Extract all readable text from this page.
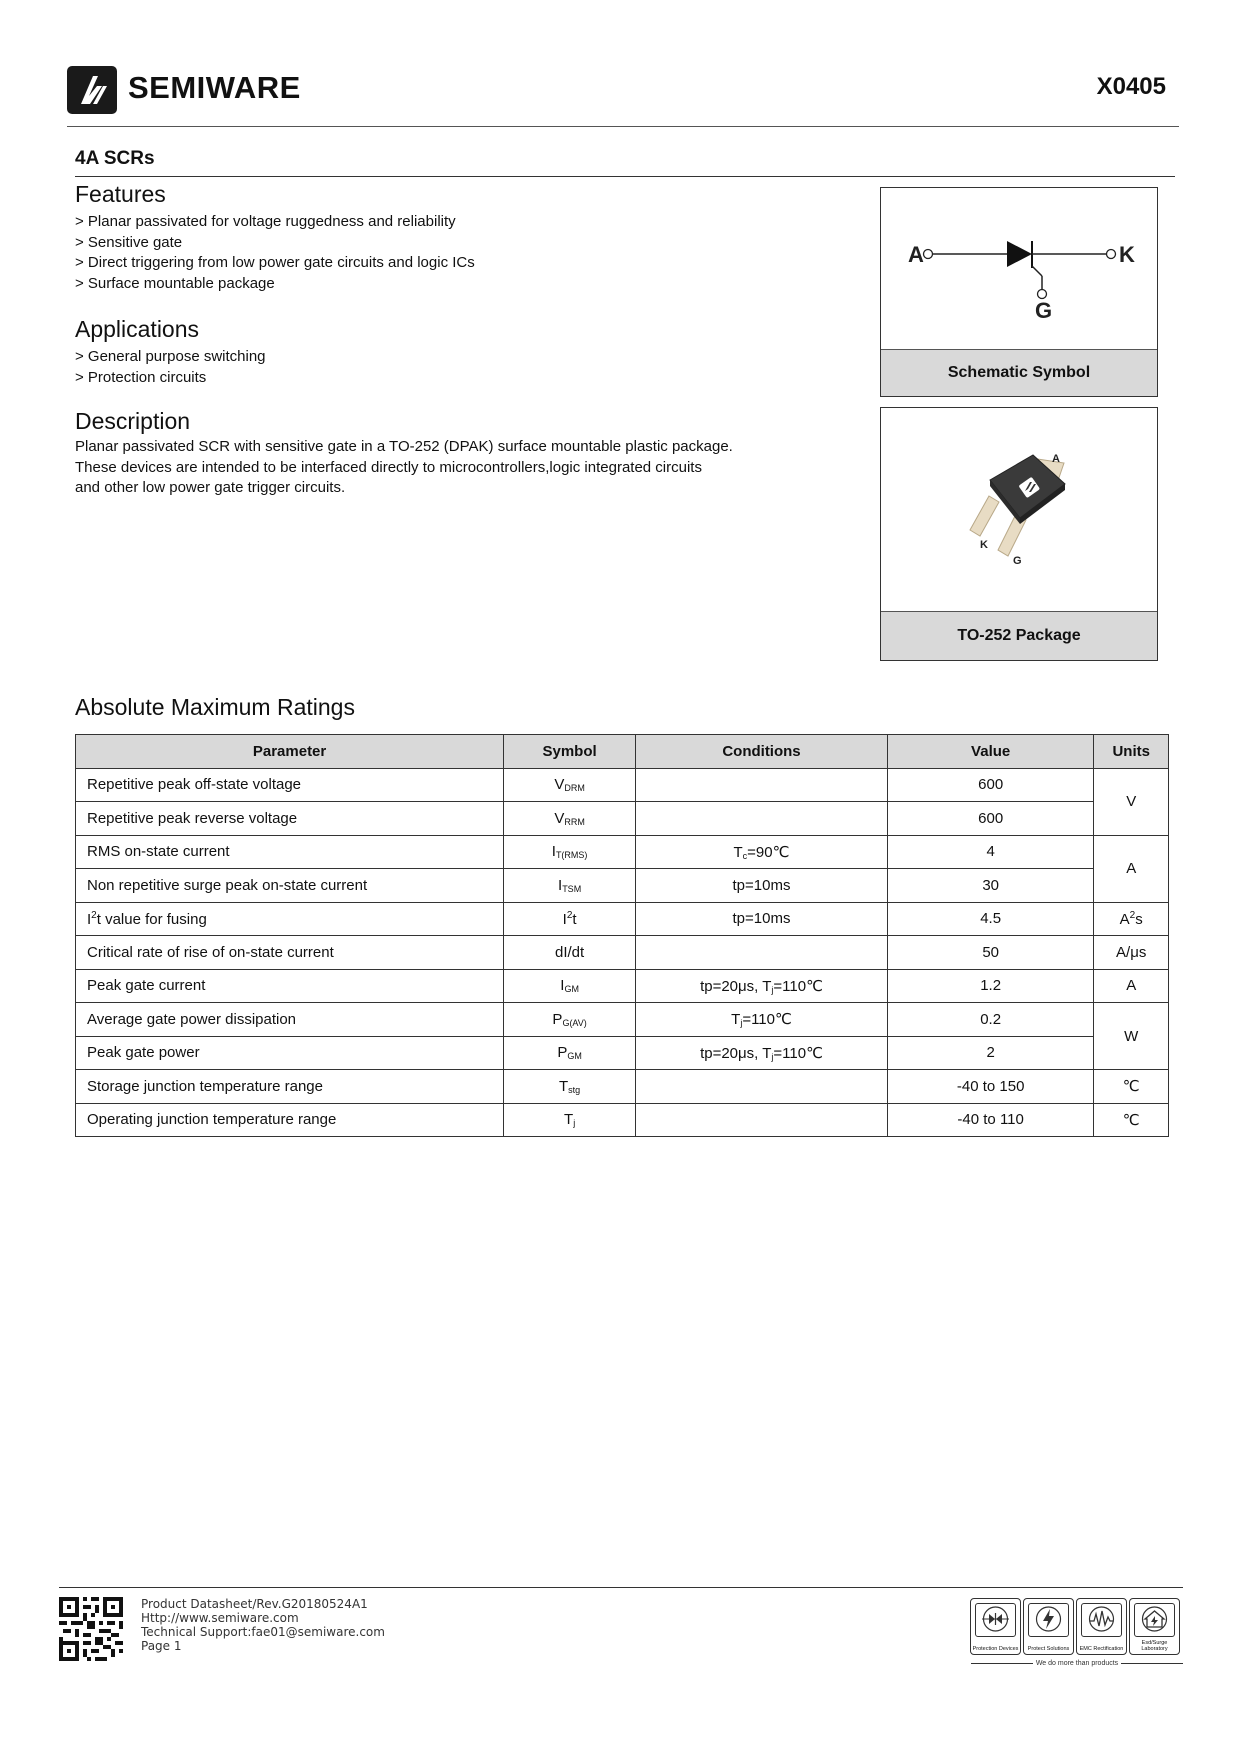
SEMIWARE	X0405
4A SCRs
Features
> Planar passivated for voltage ruggedness and reliability
> Sensitive gate
> Direct triggering from low power gate circuits and logic ICs
> Surface mountable package
Applications
> General purpose switching
> Protection circuits
Description
Planar passivated SCR with sensitive gate in a TO-252 (DPAK) surface mountable plastic package.
These devices are intended to be interfaced directly to microcontrollers,logic integrated circuits
and other low power gate trigger circuits.
A	K
G
Schematic Symbol
A
K
G
TO-252 Package
Absolute Maximum Ratings
Parameter	Symbol	Conditions	Value	Units
Repetitive peak off-state voltage	$V_{DRM}$		600	V
Repetitive peak reverse voltage	$V_{RRM}$		600	
RMS on-state current	$I_{T(RMS)}$	$T_c=90℃$	4	A
Non repetitive surge peak on-state current	$I_{TSM}$	tp=10ms	30	
$I^2t$ value for fusing	$I^2t$	tp=10ms	4.5	$A^2s$
Critical rate of rise of on-state current	dI/dt		50	A/μs
Peak gate current	$I_{GM}$	tp=20μs, $T_j=110℃$	1.2	A
Average gate power dissipation	$P_{G(AV)}$	$T_j=110℃$	0.2	W
Peak gate power	$P_{GM}$	tp=20μs, $T_j=110℃$	2	
Storage junction temperature range	$T_{stg}$		-40 to 150	℃
Operating junction temperature range	$T_j$		-40 to 110	℃
Product Datasheet/Rev.G20180524A1
Http://www.semiware.com
Technical Support:fae01@semiware.com
Page 1	Protection Devices	Protect Solutions	EMC Rectification
Esd/Surge Laboratory
We do more than products
